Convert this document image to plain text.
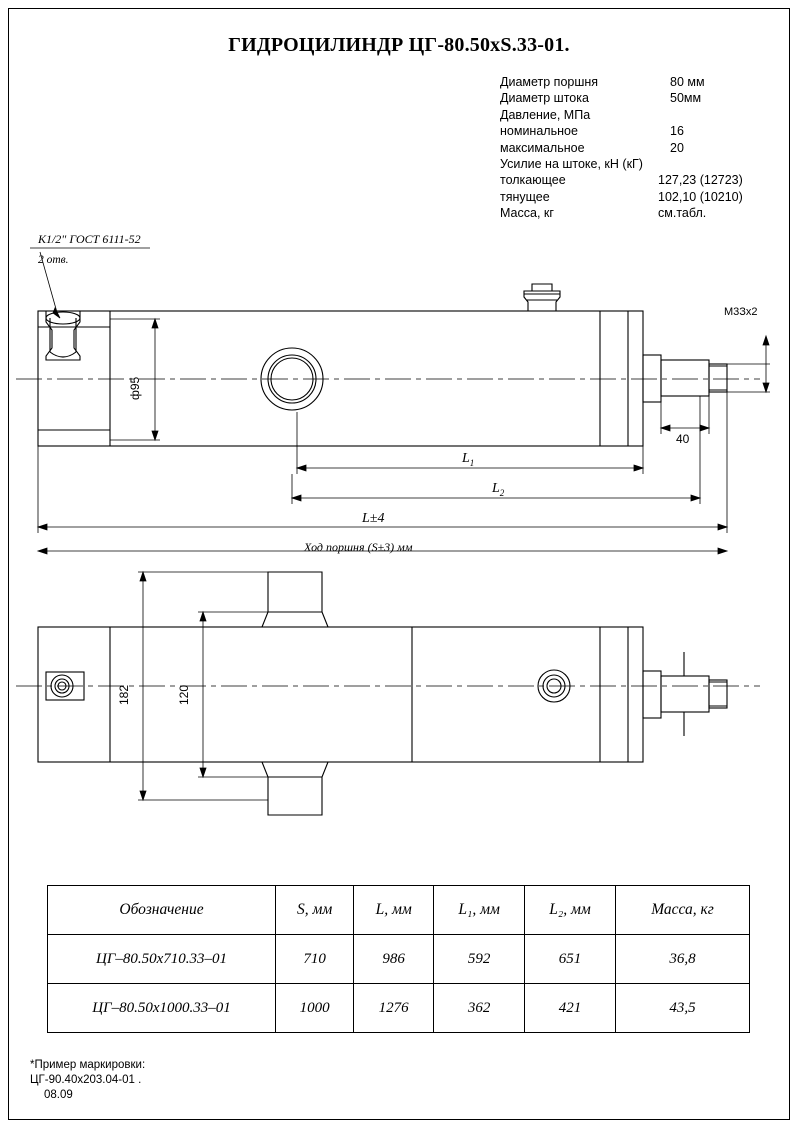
ГИДРОЦИЛИНДР ЦГ-80.50xS.33-01.
Диаметр поршня	80 мм
Диаметр штока	50мм
Давление, МПа
номинальное	16
максимальное	20
Усилие на штоке, кН (кГ)
толкающее	127,23 (12723)
тянущее	102,10 (10210)
Масса, кг	см.табл.
К1/2" ГОСТ 6111-52
2 отв.
М3Зх2
ф95
40
$L_1$
$L_2$
L±4
Ход поршня (S±3) мм
182	120
Обозначение	S, мм	L, мм	L₁, мм	L₂, мм	Масса, кг
ЦГ–80.50х710.33–01	710	986	592	651	36,8
ЦГ–80.50х1000.33–01	1000	1276	362	421	43,5
*Пример маркировки:
ЦГ-90.40х203.04-01 .
08.09
